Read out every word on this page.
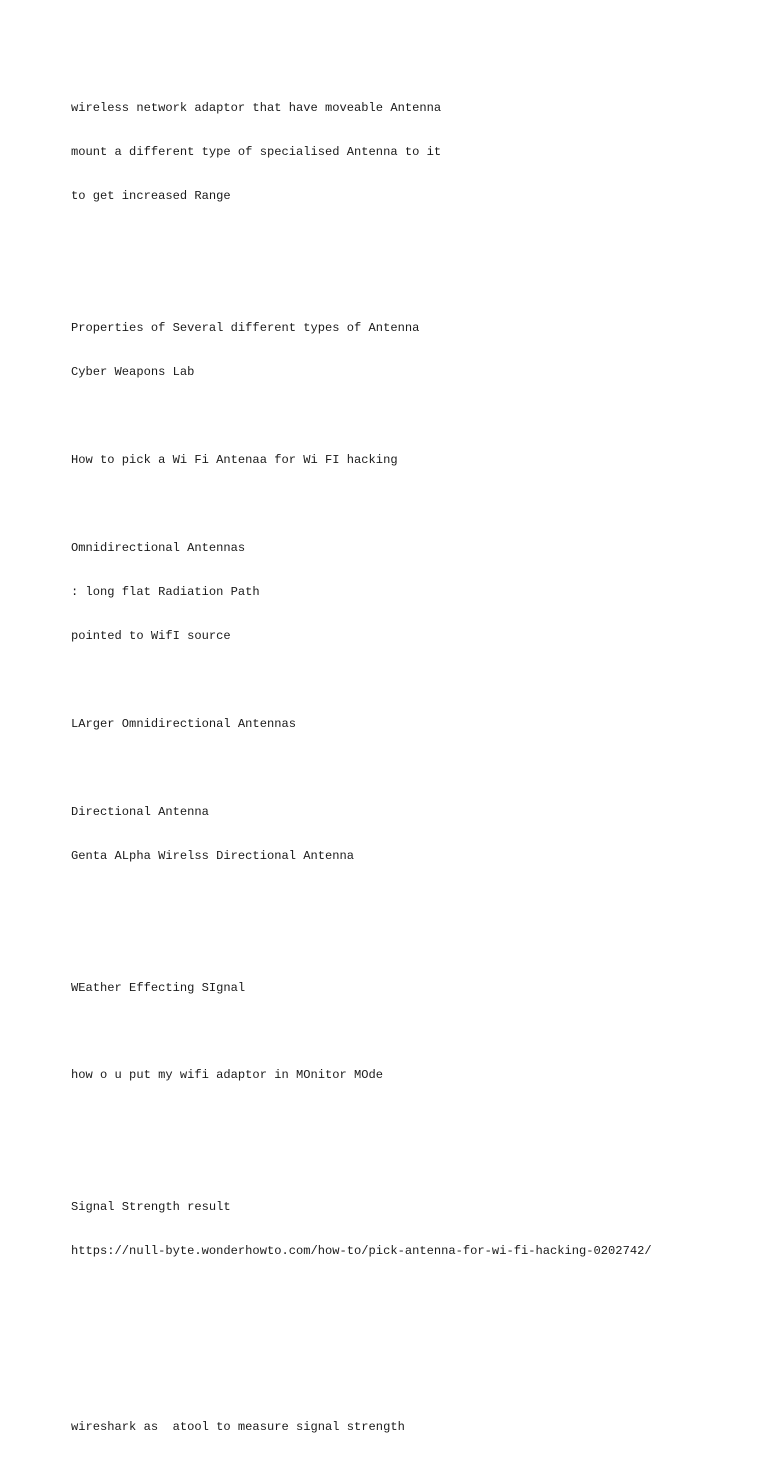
wireless network adaptor that have moveable Antenna

mount a different type of specialised Antenna to it

to get increased Range

Properties of Several different types of Antenna

Cyber Weapons Lab

How to pick a Wi Fi Antenaa for Wi FI hacking

Omnidirectional Antennas

: long flat Radiation Path

pointed to WifI source

LArger Omnidirectional Antennas

Directional Antenna

Genta ALpha Wirelss Directional Antenna

WEather Effecting SIgnal

how o u put my wifi adaptor in MOnitor MOde

Signal Strength result

https://null-byte.wonderhowto.com/how-to/pick-antenna-for-wi-fi-hacking-0202742/

wireshark as  atool to measure signal strength
